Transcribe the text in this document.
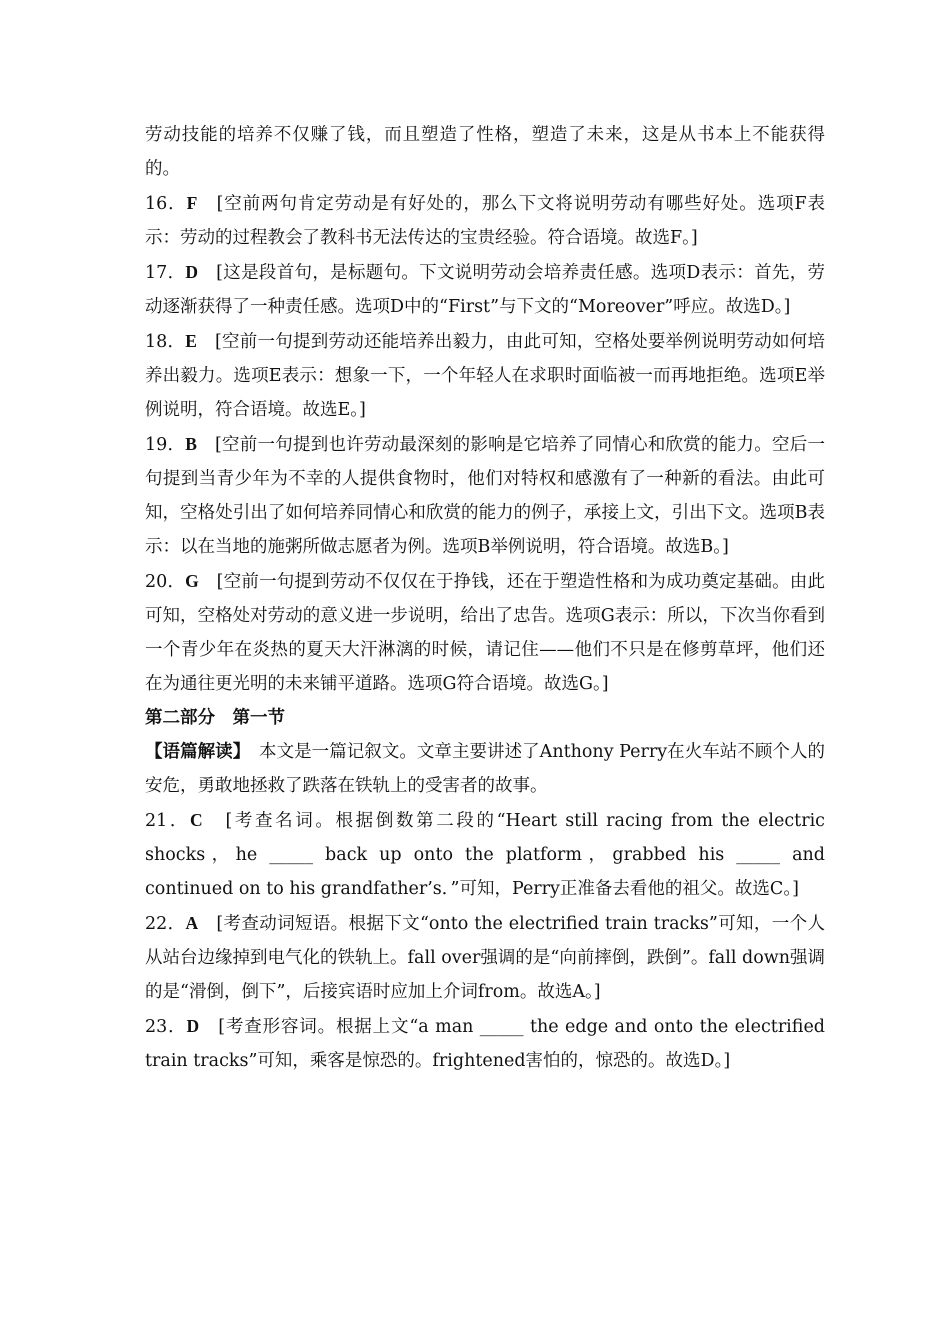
劳动技能的培养不仅赚了钱，而且塑造了性格，塑造了未来，这是从书本上不能获得的。

16．F　 [空前两句肯定劳动是有好处的，那么下文将说明劳动有哪些好处。选项F表示：劳动的过程教会了教科书无法传达的宝贵经验。符合语境。故选F。]

17．D　 [这是段首句，是标题句。下文说明劳动会培养责任感。选项D表示：首先，劳动逐渐获得了一种责任感。选项D中的“First”与下文的“Moreover”呼应。故选D。]

18．E　 [空前一句提到劳动还能培养出毅力，由此可知，空格处要举例说明劳动如何培养出毅力。选项E表示：想象一下，一个年轻人在求职时面临被一而再地拒绝。选项E举例说明，符合语境。故选E。]

19．B　 [空前一句提到也许劳动最深刻的影响是它培养了同情心和欣赏的能力。空后一句提到当青少年为不幸的人提供食物时，他们对特权和感激有了一种新的看法。由此可知，空格处引出了如何培养同情心和欣赏的能力的例子，承接上文，引出下文。选项B表示：以在当地的施粥所做志愿者为例。选项B举例说明，符合语境。故选B。]

20．G　 [空前一句提到劳动不仅仅在于挣钱，还在于塑造性格和为成功奠定基础。由此可知，空格处对劳动的意义进一步说明，给出了忠告。选项G表示：所以，下次当你看到一个青少年在炎热的夏天大汗淋漓的时候，请记住——他们不只是在修剪草坪，他们还在为通往更光明的未来铺平道路。选项G符合语境。故选G。]

第二部分　第一节

【语篇解读】　本文是一篇记叙文。文章主要讲述了Anthony Perry在火车站不顾个人的安危，勇敢地拯救了跌落在铁轨上的受害者的故事。

21．C　 [考查名词。根据倒数第二段的“Heart still racing from the electric shocks，he _____ back up onto the platform，grabbed his _____ and continued on to his grandfather’s．”可知，Perry正准备去看他的祖父。故选C。]

22．A　 [考查动词短语。根据下文“onto the electrified train tracks”可知，一个人从站台边缘掉到电气化的铁轨上。fall over强调的是“向前摔倒，跌倒”。fall down强调的是“滑倒，倒下”，后接宾语时应加上介词from。故选A。]

23．D　 [考查形容词。根据上文“a man _____ the edge and onto the electrified train tracks”可知，乘客是惊恐的。frightened害怕的，惊恐的。故选D。]
